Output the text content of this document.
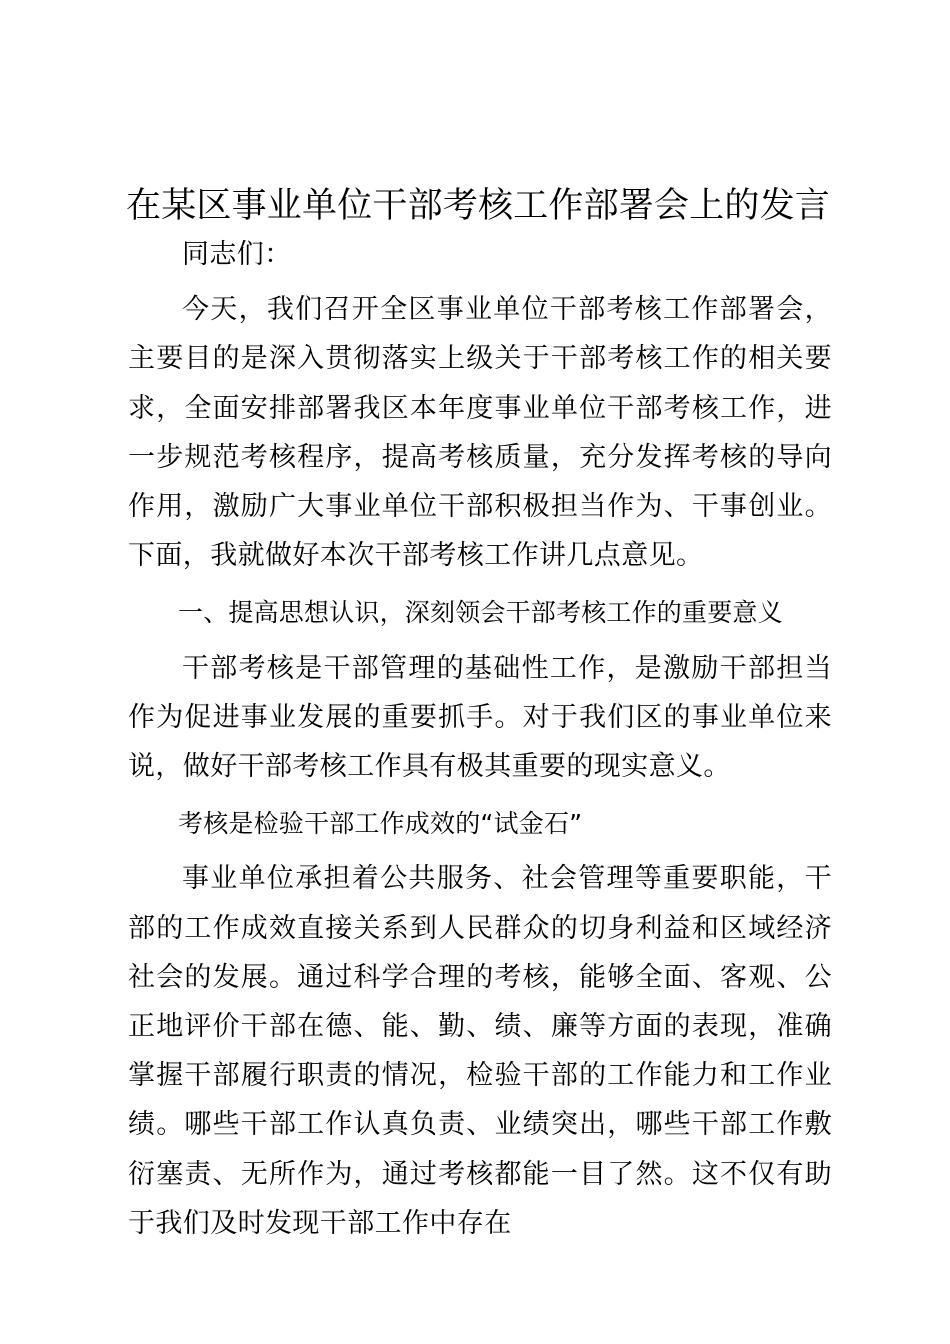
在某区事业单位干部考核工作部署会上的发言

同志们：

今天，我们召开全区事业单位干部考核工作部署会，主要目的是深入贯彻落实上级关于干部考核工作的相关要求，全面安排部署我区本年度事业单位干部考核工作，进一步规范考核程序，提高考核质量，充分发挥考核的导向作用，激励广大事业单位干部积极担当作为、干事创业。下面，我就做好本次干部考核工作讲几点意见。

一、提高思想认识，深刻领会干部考核工作的重要意义

干部考核是干部管理的基础性工作，是激励干部担当作为促进事业发展的重要抓手。对于我们区的事业单位来说，做好干部考核工作具有极其重要的现实意义。

考核是检验干部工作成效的“试金石”

事业单位承担着公共服务、社会管理等重要职能，干部的工作成效直接关系到人民群众的切身利益和区域经济社会的发展。通过科学合理的考核，能够全面、客观、公正地评价干部在德、能、勤、绩、廉等方面的表现，准确掌握干部履行职责的情况，检验干部的工作能力和工作业绩。哪些干部工作认真负责、业绩突出，哪些干部工作敷衍塞责、无所作为，通过考核都能一目了然。这不仅有助于我们及时发现干部工作中存在
